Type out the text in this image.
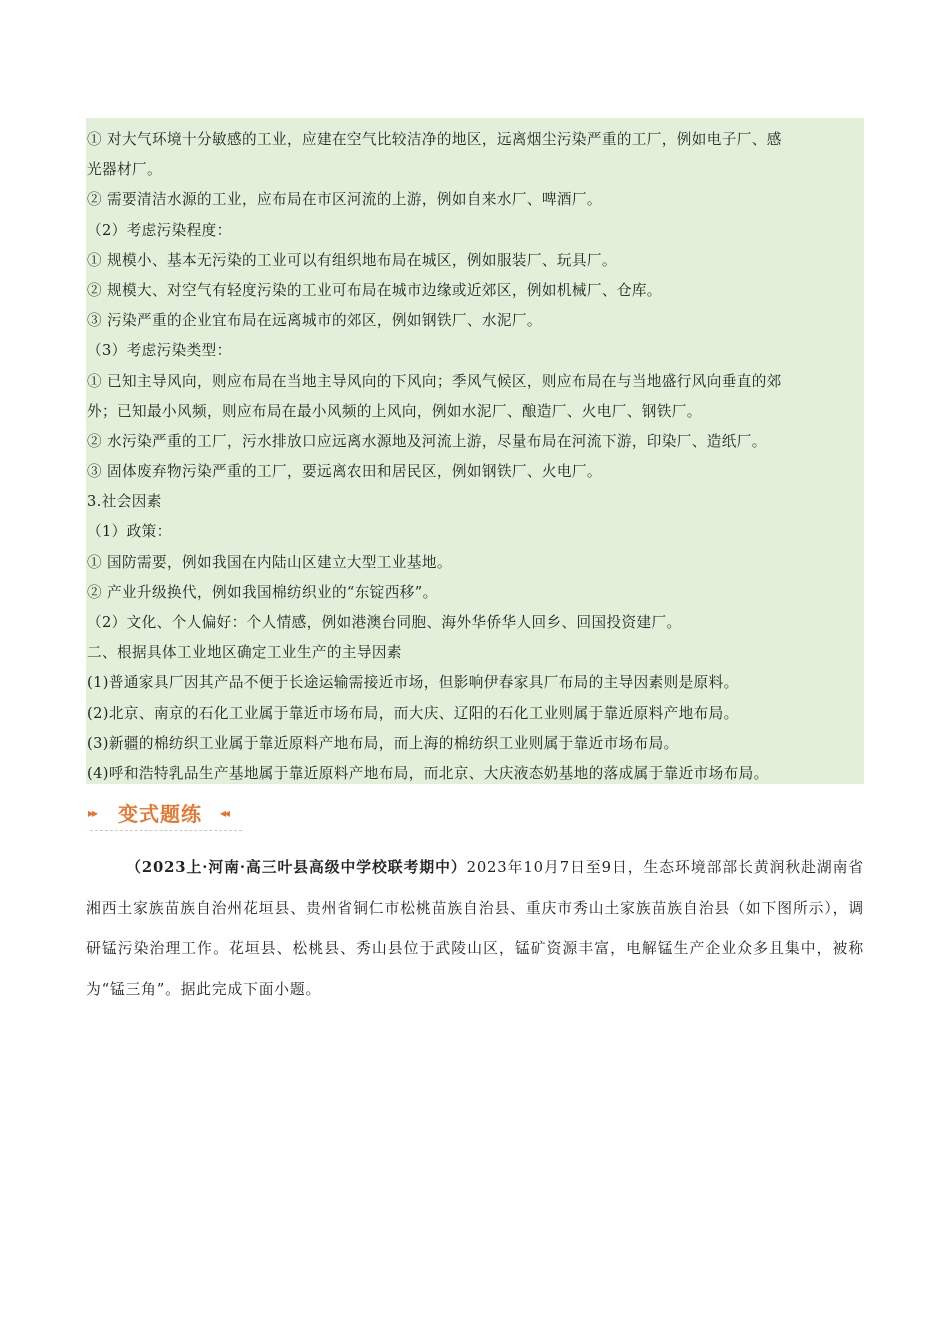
① 对大气环境十分敏感的工业，应建在空气比较洁净的地区，远离烟尘污染严重的工厂，例如电子厂、感
光器材厂。
② 需要清洁水源的工业，应布局在市区河流的上游，例如自来水厂、啤酒厂。
（2）考虑污染程度：
① 规模小、基本无污染的工业可以有组织地布局在城区，例如服装厂、玩具厂。
② 规模大、对空气有轻度污染的工业可布局在城市边缘或近郊区，例如机械厂、仓库。
③ 污染严重的企业宜布局在远离城市的郊区，例如钢铁厂、水泥厂。
（3）考虑污染类型：
① 已知主导风向，则应布局在当地主导风向的下风向；季风气候区，则应布局在与当地盛行风向垂直的郊
外；已知最小风频，则应布局在最小风频的上风向，例如水泥厂、酿造厂、火电厂、钢铁厂。
② 水污染严重的工厂，污水排放口应远离水源地及河流上游，尽量布局在河流下游，印染厂、造纸厂。
③ 固体废弃物污染严重的工厂，要远离农田和居民区，例如钢铁厂、火电厂。
3.社会因素
（1）政策：
① 国防需要，例如我国在内陆山区建立大型工业基地。
② 产业升级换代，例如我国棉纺织业的“东锭西移”。
（2）文化、个人偏好：个人情感，例如港澳台同胞、海外华侨华人回乡、回国投资建厂。
二、根据具体工业地区确定工业生产的主导因素
(1)普通家具厂因其产品不便于长途运输需接近市场，但影响伊春家具厂布局的主导因素则是原料。
(2)北京、南京的石化工业属于靠近市场布局，而大庆、辽阳的石化工业则属于靠近原料产地布局。
(3)新疆的棉纺织工业属于靠近原料产地布局，而上海的棉纺织工业则属于靠近市场布局。
(4)呼和浩特乳品生产基地属于靠近原料产地布局，而北京、大庆液态奶基地的落成属于靠近市场布局。
▸▸ 变式题练 ◂◂
（2023上·河南·高三叶县高级中学校联考期中）2023年10月7日至9日，生态环境部部长黄润秋赴湖南省湘西土家族苗族自治州花垣县、贵州省铜仁市松桃苗族自治县、重庆市秀山土家族苗族自治县（如下图所示），调研锰污染治理工作。花垣县、松桃县、秀山县位于武陵山区，锰矿资源丰富，电解锰生产企业众多且集中，被称为“锰三角”。据此完成下面小题。
